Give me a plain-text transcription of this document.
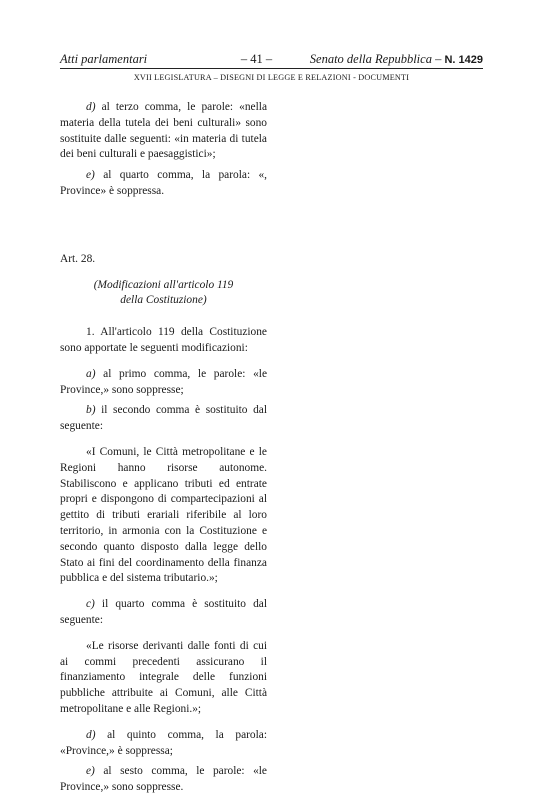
Atti parlamentari	– 41 –	Senato della Repubblica – N. 1429
XVII LEGISLATURA – DISEGNI DI LEGGE E RELAZIONI - DOCUMENTI

d) al terzo comma, le parole: «nella materia della tutela dei beni culturali» sono sostituite dalle seguenti: «in materia di tutela dei beni culturali e paesaggistici»;

e) al quarto comma, la parola: «, Province» è soppressa.

Art. 28.

(Modificazioni all'articolo 119

della Costituzione)

1. All'articolo 119 della Costituzione sono apportate le seguenti modificazioni:

a) al primo comma, le parole: «le Province,» sono soppresse;

b) il secondo comma è sostituito dal seguente:

«I Comuni, le Città metropolitane e le Regioni hanno risorse autonome. Stabiliscono e applicano tributi ed entrate propri e dispongono di compartecipazioni al gettito di tributi erariali riferibile al loro territorio, in armonia con la Costituzione e secondo quanto disposto dalla legge dello Stato ai fini del coordinamento della finanza pubblica e del sistema tributario.»;

c) il quarto comma è sostituito dal seguente:

«Le risorse derivanti dalle fonti di cui ai commi precedenti assicurano il finanziamento integrale delle funzioni pubbliche attribuite ai Comuni, alle Città metropolitane e alle Regioni.»;

d) al quinto comma, la parola: «Province,» è soppressa;

e) al sesto comma, le parole: «le Province,» sono soppresse.
